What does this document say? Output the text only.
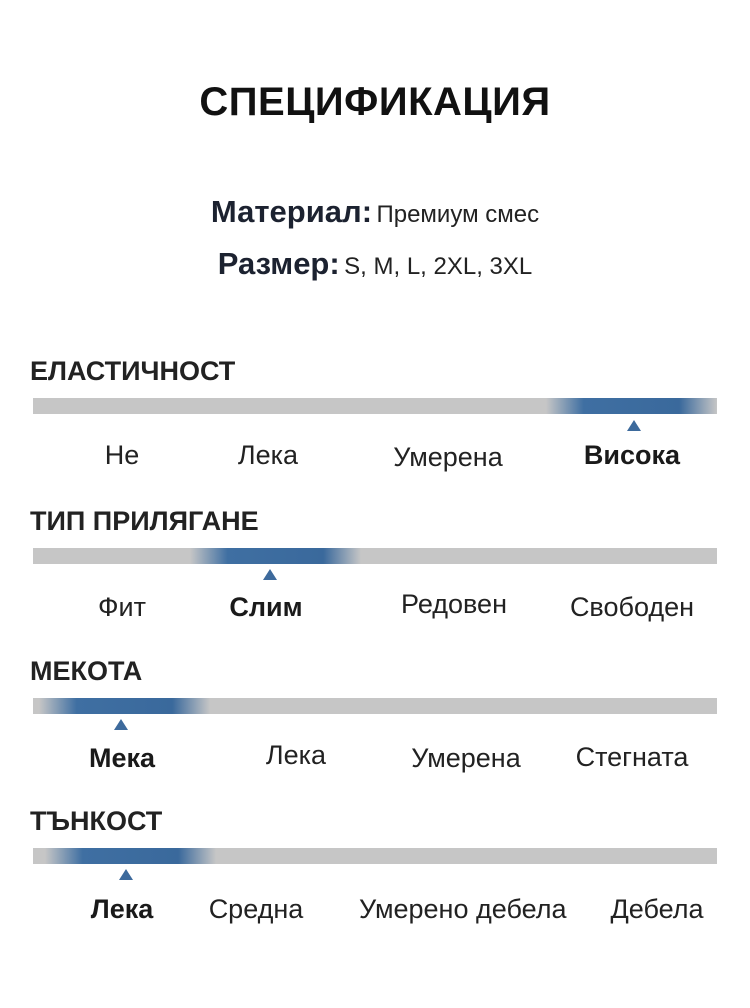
СПЕЦИФИКАЦИЯ
Материал: Премиум смес
Размер: S, M, L, 2XL, 3XL
ЕЛАСТИЧНОСТ
Не	Лека	Умерена	Висока
ТИП ПРИЛЯГАНЕ
Фит	Слим	Редовен	Свободен
МЕКОТА
Мека	Лека	Умерена	Стегната
ТЪНКОСТ
Лека	Средна	Умерено дебела	Дебела
